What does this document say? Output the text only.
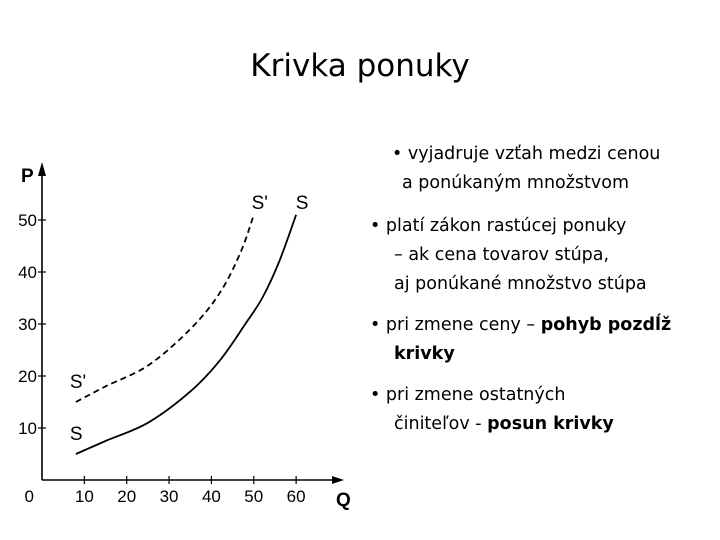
Krivka ponuky
10 20 30 40 50 60
10
20
30
40
50
0
P
Q
S
S
S'
S'
• vyjadruje vzťah medzi cenou
a ponúkaným množstvom
• platí zákon rastúcej ponuky
– ak cena tovarov stúpa,
aj ponúkané množstvo stúpa
• pri zmene ceny – pohyb pozdĺž
krivky
• pri zmene ostatných
činiteľov - posun krivky
